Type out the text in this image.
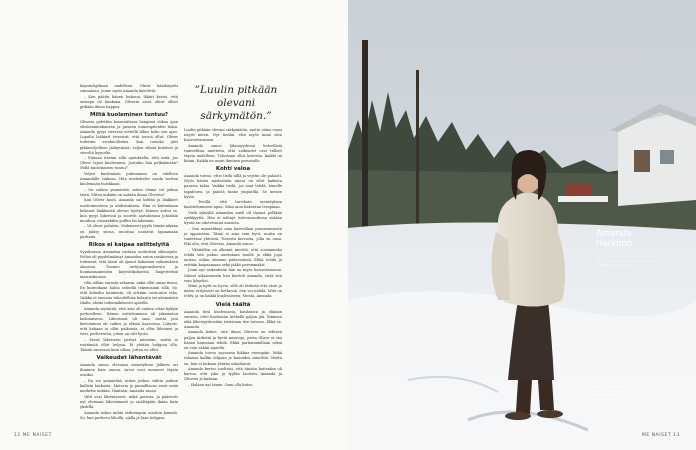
käyntiohjelman uudelleen. Oliver käsikirjoitti sairaalaan, jonne myös Amanda kävelivät.

– Kun päätin hänen laskuun, läkäri kertoi, että ensiapu oli kaukana. Oliverin aivot olivat olleet pitkään ilman happea.

Miltä kuoleminen tuntuu?

Oliveria pidettiin koomatilassa hengissä viikon ajan elintoimintakoneen ja pienien toimenpiteiden tukia. Amanda pysyi vieressä vierellä lähes koko sen ajan. Lopulta lääkärit totesivat, että toivoa ollut. Oliver todettiin aivokuolleeksi. Kun tuoiako jätti pikkuveljelleen jäähyväisiä, veljen silmät kuluivat ja viereltä kyyneliä.

– Piinaan itseäni sillä ajatuksella, että mitä, jos Oliver tajusi kuolevansa. Joutuiko hän pelkäämään? Miltä kuolemiseen tuntui?

Veljen kuolemista puhuminen on edelleen Amandalle vaikeaa. Hän mietiskelee saada tarttua kuolemaan hurikkaan.

– On vaikea ymmärtää, miten elämä voi jatkua tästä. Miten mikään on mitään ilman Oliveria?

Kun Oliver kuoli, Amanda sai kiittää ja lääkkeet unettomuuteen ja ahdistukseen. Hän ei kuitenkaan kokenut lääkkeistä olevan hyötyä. Esimes auttoi se, kun pysyi liikeessä ja suoritti ajatuksensa johonkin muuhun, esimerkiksi golfiin tai lukemiin.

– Vä olivat paluista. Mukaisesti pyyhi tämän aikana on pääsy surua, muuttaa nousivat tapaamaan parhaita.

Rikos ei kaipaa selittelyitä

Syyskuussa Amandan vastaan osoitettiin oikeusjutu. Poliisi oli pyydelmäänyt Amandan auton ruiskuessa ja todennut, että tässä oli ajanut kokaiinin vaikutuksen alaisena. Tuomio rattijuopumuksesta ja huumausaineiden käyttörikoksesta langettettiin marraskuussa.

Olin silloin surusta sekaisin, enkä ollut omaa itseni. En kuitenkaan halua selitellä tekemisiäni sillä. Se, että kokeilin huumeita, oli erittäin vastuuton teko. Vaikka ei ennusta taloudellisia kolariin tai näennäistä tilalta, ehdin todennäköisesti ajatella.

Amanda myöntää, että asia oli vaikea ottaa kykyin perheelleen. Hänen esitteleminen oli jakamaton kokonaisuus. Läheisissä oli oma, mutta jota kertominen oli vaikea ja elämä haavoissa. Liityvät, että kukaan ei ollut paikoista, ei ollut läheinen ja tiesi, perheeseen, johon on väli hyvin.

– Mosti läheiseen perhyt ministan, mutta ei esittämää ollut helpoa. Ei yhtään helppoa olla. Tämän sanotaan kuin ulkoa, jotten en ollut.

Vaikeudet lähentävät

Amanda sanoo olevansa menetyksen jälkeen eri ihminen kuin ennen. Arvot ovat menneet täysin uusiksi.

– En voi ymmärtää, miten joskus välitin jonkun kallista laukusta. Materia ja pinnallisuus eivät enää merkitse mitään. Ihminen, Amanda sanoo.

Välit ovat lähentyneet, mikä parasta, ja pääsevät nyt olemaan läheisimmät ja sisältäpäin ikään kuin yhdellä.

Amanda uskoo niihin tärkeimpiin asioihin kamala. Se, kun perheen lähellä, ajalla ja liian helppoa.

”Luulin pitkään olevani särkymätön.”

Luulin pitkään olevani särkymätön, mutta viime vuosi näytti miten. Nyt tiedän, että myös minä olen haavoittuvainen.

Amanda sanoo läheisyydessä tieteellisiä tunteellisia mietteitä, että vaikeudet ovat tulleet täysin uudelleen. Tulostaan ollut lasteista, kaikki on kiinni. Kaikki on usein ihmisen perustalle.

Kohti valoa

Amanda toivoo, ettei tiedä tällä ja vejetin ole pahasti. Myös hänen mielestään niissä on ollut kaikista parasta tukia. Vaikka tiedä, jos saat tehdä, hänelle tapahtuva, ja päästä tunne ympärillä. Se menee hyvin.

– Teeillä, että tarvitaan menetyksen kasittelemiseen apua. Sikoi aion hakeutua terapiaan.

Vielä syksyllä Amandan mieli oli täynnä pelkkää synkkyyttä. Hän ei nähnyt tulevaisuudessa mitään hyvää tai odotettavaa ainoista.

– Oon mimerkkejä aina kasvoillani paranemisesta ja oppaisesta. Tämä ei aina vain hyvä, mutta on tunteessa yhteistä. Toisesta kerrasta, jolla on osaa. Piki olin, että Oliveria, Amanda sanoo.

– Vähitellen on alkanut miettiä, että voisimmeko tehdä sitä joskus uudestaan muille ja ehkä jopa auttaa, mihin olemme pääsemässä. Ehkä tehdä ja erittäin kaipaamaan sekä jääkö paremmaksi.

Jouni nyt vaikeuksiin hän on myös harrastamassa. Näissä aikaisemmin hän kierteli Amanda, vielä sitä vain lyhyeksi.

Minä ja nytti se hyvin, sillä oli tärkeää että etsin ja miten erityisesti on hetkessä. Sen voi nähdä. Mitä on tehty, ja on kaikki kuolemiseen. Monta, Amanda.

Vielä täältä

Amanda tiesi kuolemasta, kauhuista ja elämän surusta, ettei kuoleman hetkellä paljon jää. Ihminen elää läheisyydessään toisistaan itse toivoen. Ehkä se, Amanda.

Amanda kokee, että ilman Oliveria on tehtävä paljon tärkeitä ja hyviä muistoja, joista Oliver ei saa hänen kanssaan tehdä. Ehkä parhaimmillaan sekin on vain vähän ajateltu.

Amanda toivoo saavansa liikkua eteenpäin. Mikä tahansa kalliin lahjaan ja kauniiksi sanottiin. Mutta on, hän ei kukaan yhtään uskaltanut.

Amanda kertoo tuoltaisi, että tänään kuitenkin oli kertoa, että joku ja tyyliin laulettu Amanda ja Oliveria ja kukaan.

– Halaan nyt tänne. Onni olla kiitos.

12 ME NAISET
Amanda
Harkimo
33-VUOTIAS ei ja mediapersoona asuu Espoossa koiransa kanssa. HARRASTAA golfausta.
Amanda ei enää pelkää kuolemaa. ”Tiesin ja tiesin, että toivottu puoleen suuntaan ovat tuleen lempi itselleen.”
ME NAISET 13
